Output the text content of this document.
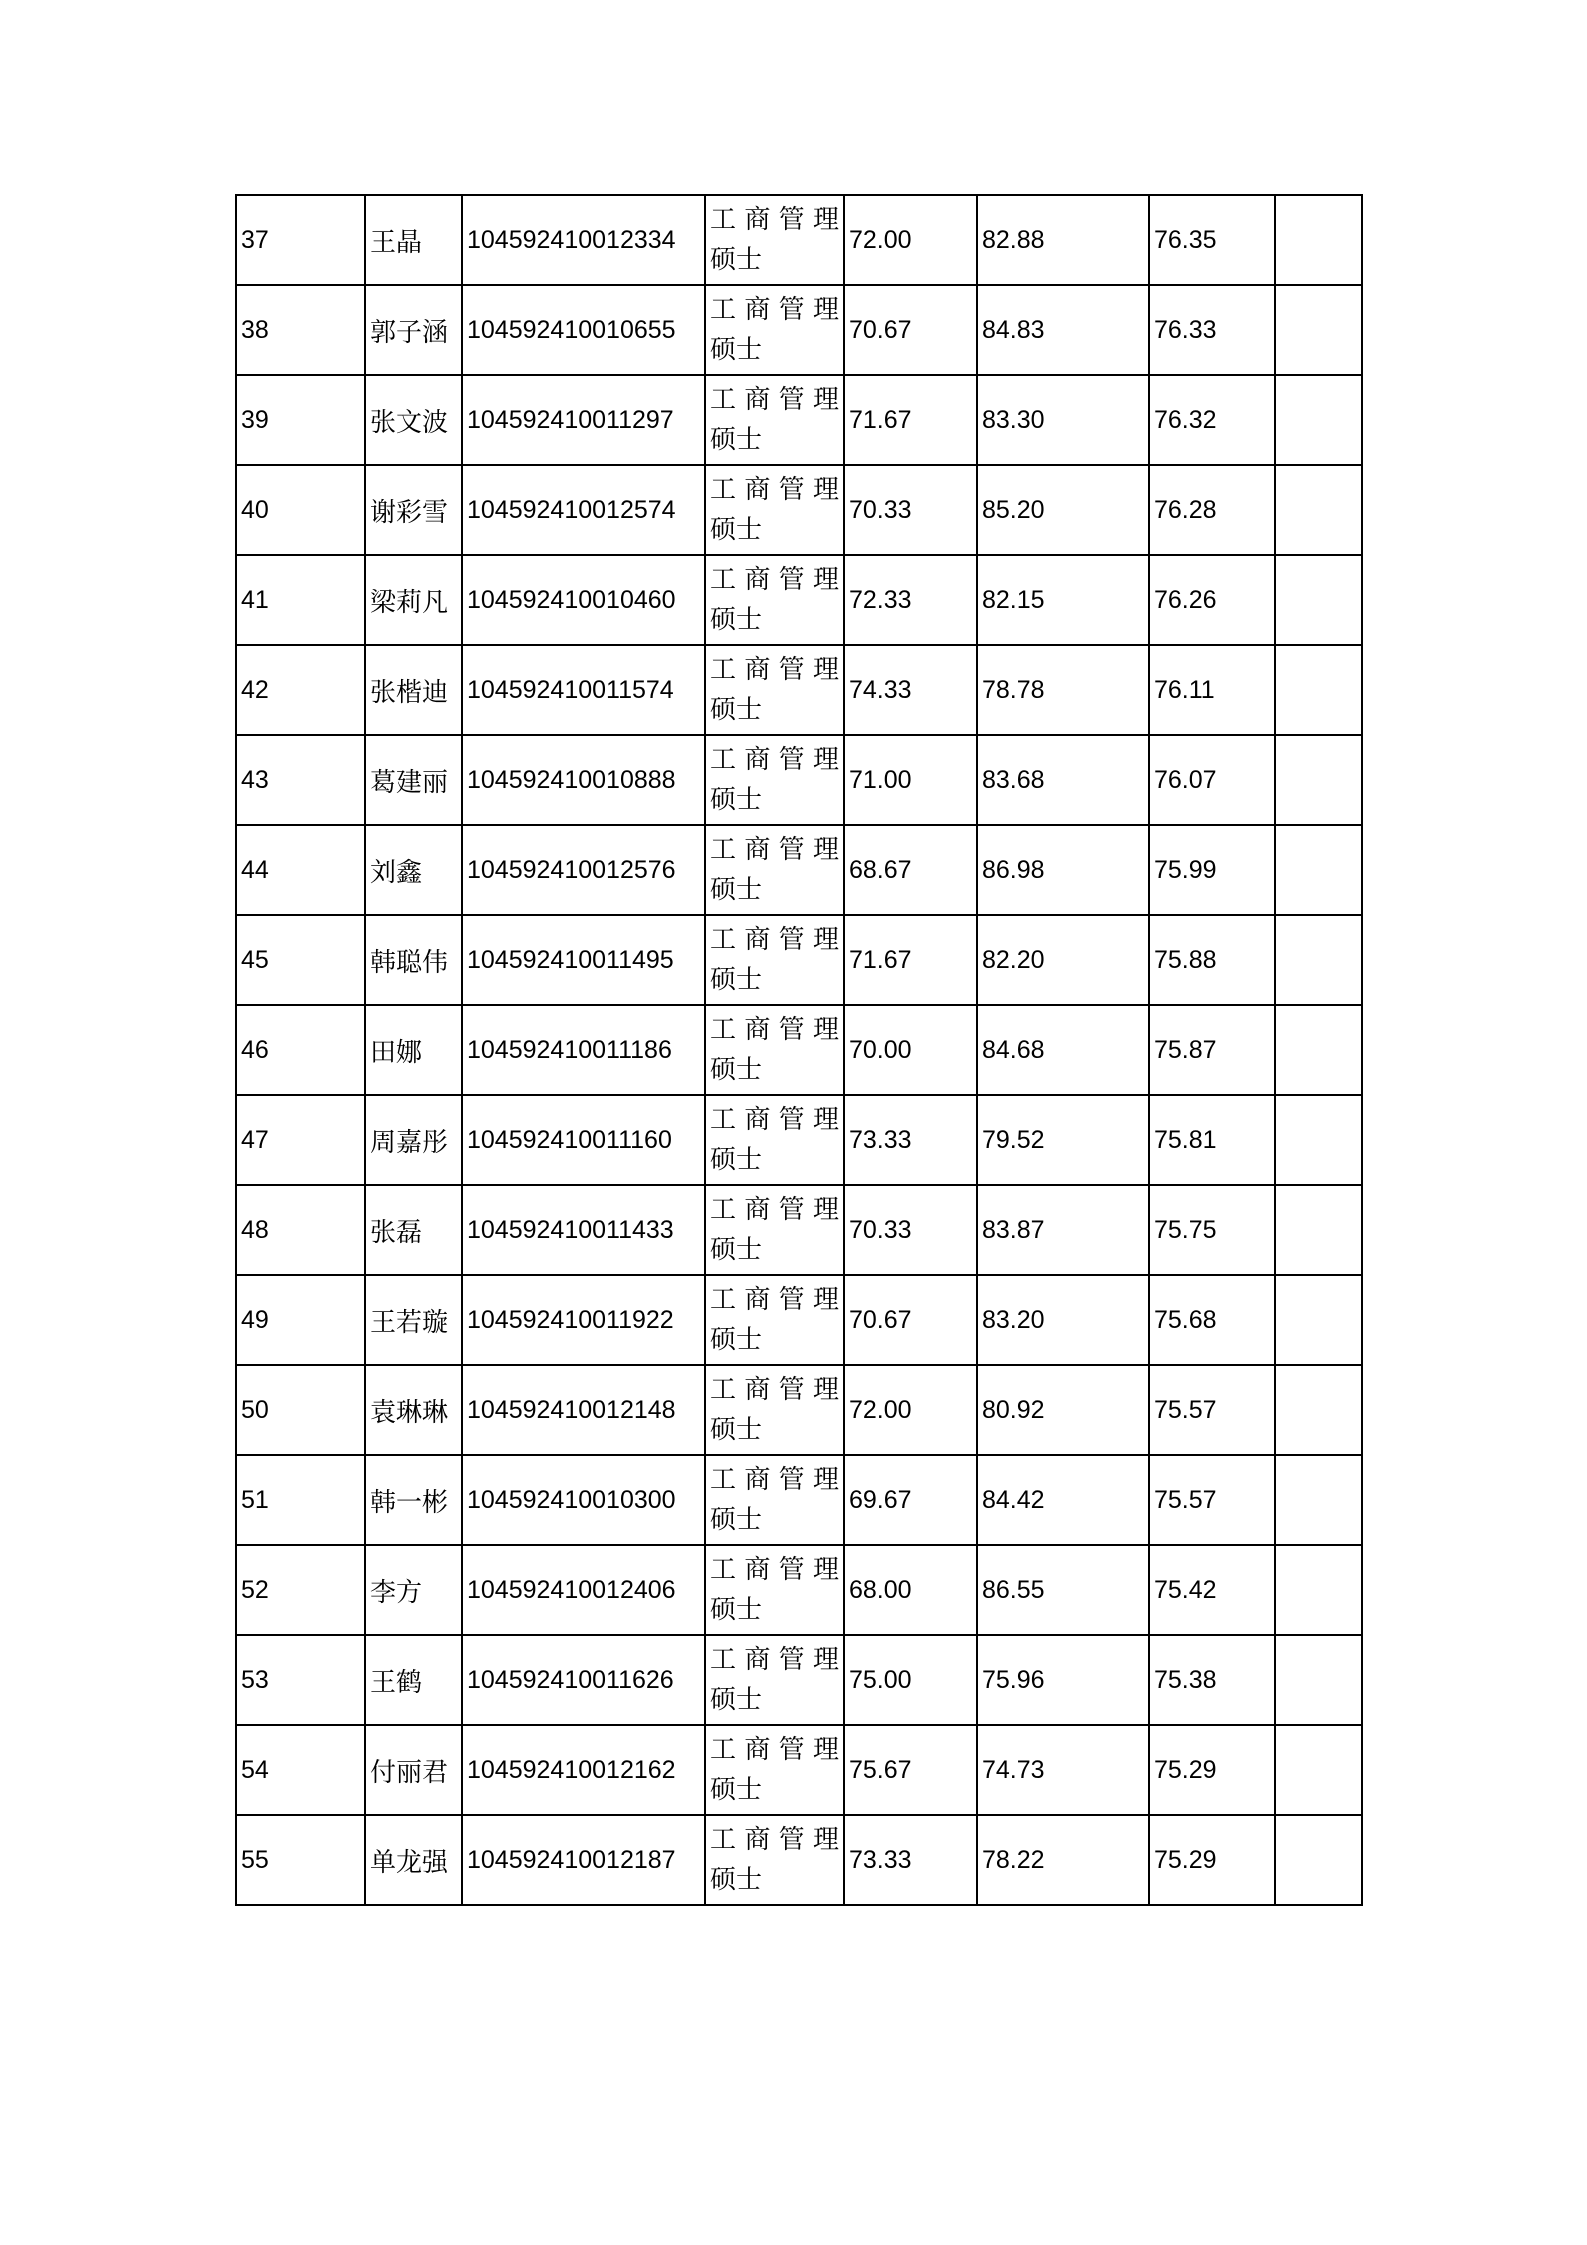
37	王晶	104592410012334	工商管理
硕士	72.00	82.88	76.35	
38	郭子涵	104592410010655	工商管理
硕士	70.67	84.83	76.33	
39	张文波	104592410011297	工商管理
硕士	71.67	83.30	76.32	
40	谢彩雪	104592410012574	工商管理
硕士	70.33	85.20	76.28	
41	梁莉凡	104592410010460	工商管理
硕士	72.33	82.15	76.26	
42	张楷迪	104592410011574	工商管理
硕士	74.33	78.78	76.11	
43	葛建丽	104592410010888	工商管理
硕士	71.00	83.68	76.07	
44	刘鑫	104592410012576	工商管理
硕士	68.67	86.98	75.99	
45	韩聪伟	104592410011495	工商管理
硕士	71.67	82.20	75.88	
46	田娜	104592410011186	工商管理
硕士	70.00	84.68	75.87	
47	周嘉彤	104592410011160	工商管理
硕士	73.33	79.52	75.81	
48	张磊	104592410011433	工商管理
硕士	70.33	83.87	75.75	
49	王若璇	104592410011922	工商管理
硕士	70.67	83.20	75.68	
50	袁琳琳	104592410012148	工商管理
硕士	72.00	80.92	75.57	
51	韩一彬	104592410010300	工商管理
硕士	69.67	84.42	75.57	
52	李方	104592410012406	工商管理
硕士	68.00	86.55	75.42	
53	王鹤	104592410011626	工商管理
硕士	75.00	75.96	75.38	
54	付丽君	104592410012162	工商管理
硕士	75.67	74.73	75.29	
55	单龙强	104592410012187	工商管理
硕士	73.33	78.22	75.29	
